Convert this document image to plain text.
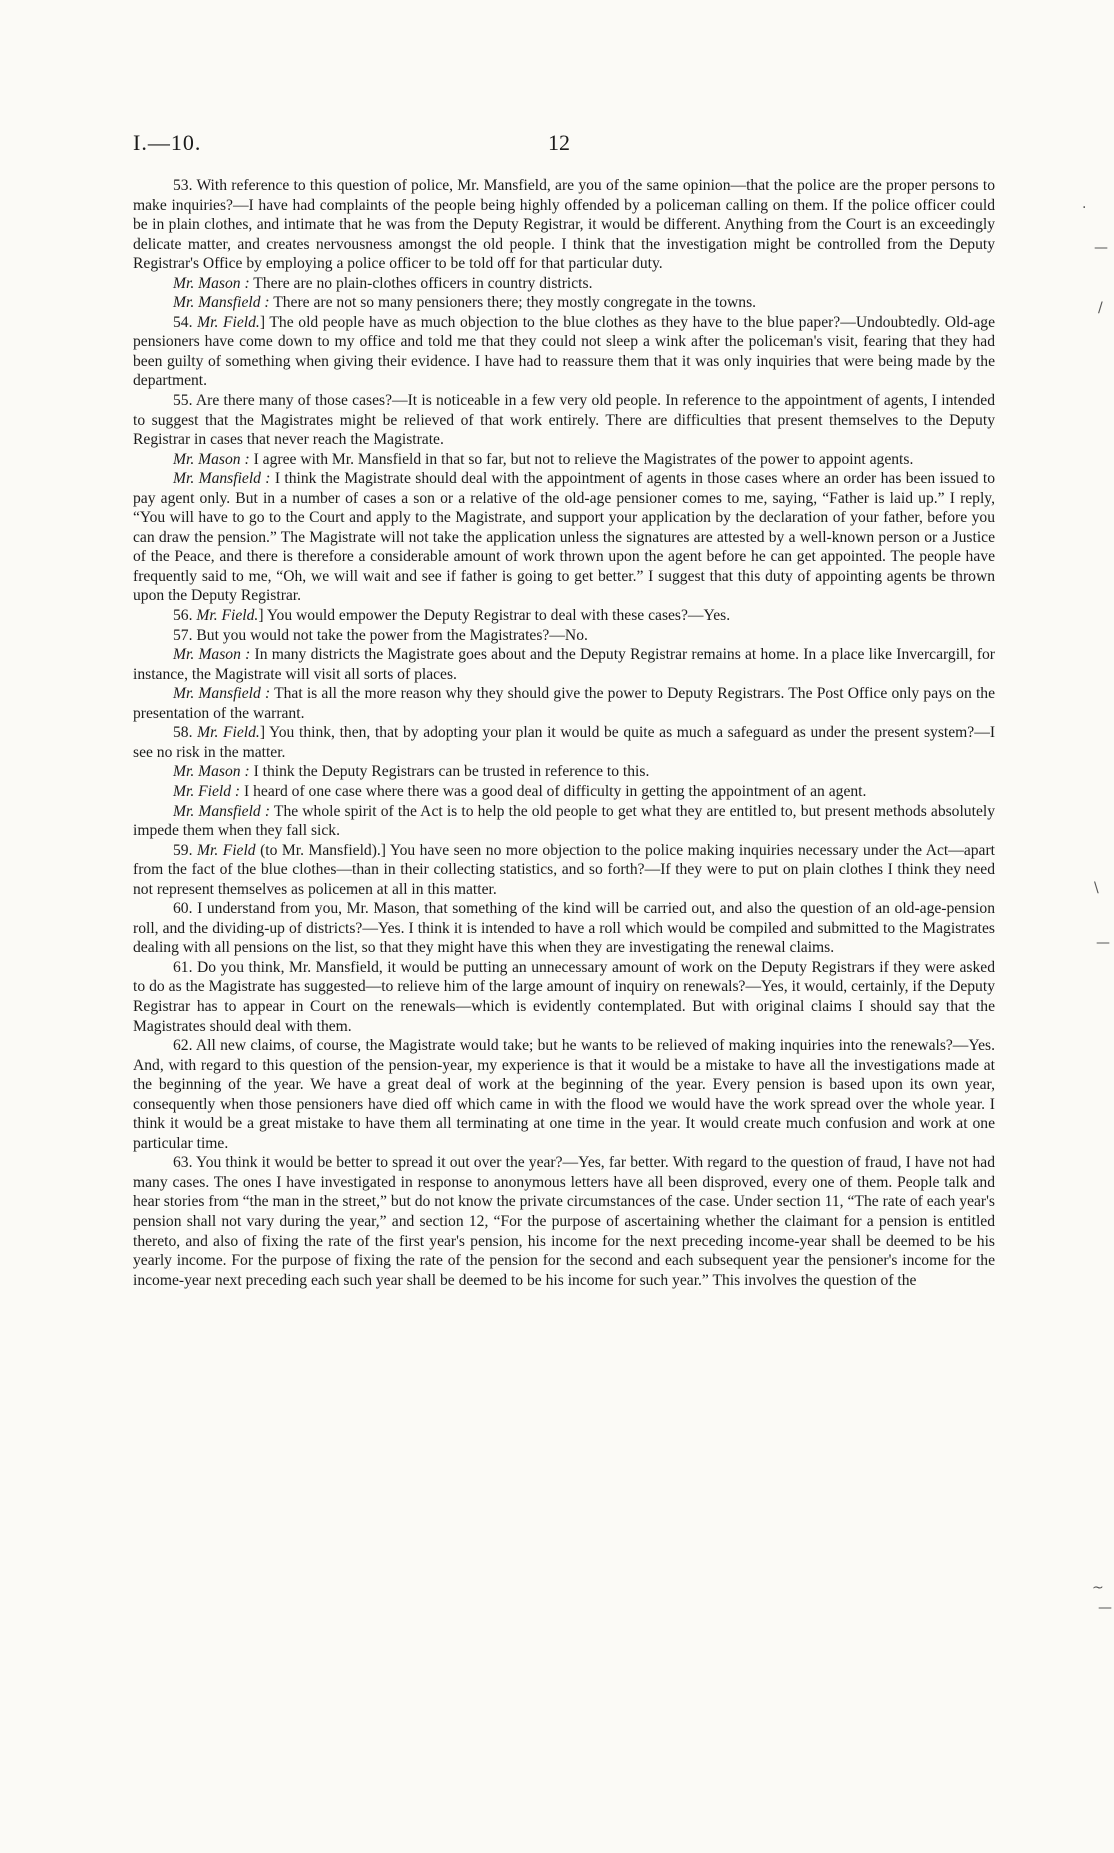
I.—10.	12

53. With reference to this question of police, Mr. Mansfield, are you of the same opinion—that the police are the proper persons to make inquiries?—I have had complaints of the people being highly offended by a policeman calling on them. If the police officer could be in plain clothes, and intimate that he was from the Deputy Registrar, it would be different. Anything from the Court is an exceedingly delicate matter, and creates nervousness amongst the old people. I think that the investigation might be controlled from the Deputy Registrar's Office by employing a police officer to be told off for that particular duty.

Mr. Mason : There are no plain-clothes officers in country districts.

Mr. Mansfield : There are not so many pensioners there; they mostly congregate in the towns.

54. Mr. Field.] The old people have as much objection to the blue clothes as they have to the blue paper?—Undoubtedly. Old-age pensioners have come down to my office and told me that they could not sleep a wink after the policeman's visit, fearing that they had been guilty of something when giving their evidence. I have had to reassure them that it was only inquiries that were being made by the department.

55. Are there many of those cases?—It is noticeable in a few very old people. In reference to the appointment of agents, I intended to suggest that the Magistrates might be relieved of that work entirely. There are difficulties that present themselves to the Deputy Registrar in cases that never reach the Magistrate.

Mr. Mason : I agree with Mr. Mansfield in that so far, but not to relieve the Magistrates of the power to appoint agents.

Mr. Mansfield : I think the Magistrate should deal with the appointment of agents in those cases where an order has been issued to pay agent only. But in a number of cases a son or a relative of the old-age pensioner comes to me, saying, “Father is laid up.” I reply, “You will have to go to the Court and apply to the Magistrate, and support your application by the declaration of your father, before you can draw the pension.” The Magistrate will not take the application unless the signatures are attested by a well-known person or a Justice of the Peace, and there is therefore a considerable amount of work thrown upon the agent before he can get appointed. The people have frequently said to me, “Oh, we will wait and see if father is going to get better.” I suggest that this duty of appointing agents be thrown upon the Deputy Registrar.

56. Mr. Field.] You would empower the Deputy Registrar to deal with these cases?—Yes.

57. But you would not take the power from the Magistrates?—No.

Mr. Mason : In many districts the Magistrate goes about and the Deputy Registrar remains at home. In a place like Invercargill, for instance, the Magistrate will visit all sorts of places.

Mr. Mansfield : That is all the more reason why they should give the power to Deputy Registrars. The Post Office only pays on the presentation of the warrant.

58. Mr. Field.] You think, then, that by adopting your plan it would be quite as much a safeguard as under the present system?—I see no risk in the matter.

Mr. Mason : I think the Deputy Registrars can be trusted in reference to this.

Mr. Field : I heard of one case where there was a good deal of difficulty in getting the appointment of an agent.

Mr. Mansfield : The whole spirit of the Act is to help the old people to get what they are entitled to, but present methods absolutely impede them when they fall sick.

59. Mr. Field (to Mr. Mansfield).] You have seen no more objection to the police making inquiries necessary under the Act—apart from the fact of the blue clothes—than in their collecting statistics, and so forth?—If they were to put on plain clothes I think they need not represent themselves as policemen at all in this matter.

60. I understand from you, Mr. Mason, that something of the kind will be carried out, and also the question of an old-age-pension roll, and the dividing-up of districts?—Yes. I think it is intended to have a roll which would be compiled and submitted to the Magistrates dealing with all pensions on the list, so that they might have this when they are investigating the renewal claims.

61. Do you think, Mr. Mansfield, it would be putting an unnecessary amount of work on the Deputy Registrars if they were asked to do as the Magistrate has suggested—to relieve him of the large amount of inquiry on renewals?—Yes, it would, certainly, if the Deputy Registrar has to appear in Court on the renewals—which is evidently contemplated. But with original claims I should say that the Magistrates should deal with them.

62. All new claims, of course, the Magistrate would take; but he wants to be relieved of making inquiries into the renewals?—Yes. And, with regard to this question of the pension-year, my experience is that it would be a mistake to have all the investigations made at the beginning of the year. We have a great deal of work at the beginning of the year. Every pension is based upon its own year, consequently when those pensioners have died off which came in with the flood we would have the work spread over the whole year. I think it would be a great mistake to have them all terminating at one time in the year. It would create much confusion and work at one particular time.

63. You think it would be better to spread it out over the year?—Yes, far better. With regard to the question of fraud, I have not had many cases. The ones I have investigated in response to anonymous letters have all been disproved, every one of them. People talk and hear stories from “the man in the street,” but do not know the private circumstances of the case. Under section 11, “The rate of each year's pension shall not vary during the year,” and section 12, “For the purpose of ascertaining whether the claimant for a pension is entitled thereto, and also of fixing the rate of the first year's pension, his income for the next preceding income-year shall be deemed to be his yearly income. For the purpose of fixing the rate of the pension for the second and each subsequent year the pensioner's income for the income-year next preceding each such year shall be deemed to be his income for such year.” This involves the question of the

·
—
/
\
—
~
—
